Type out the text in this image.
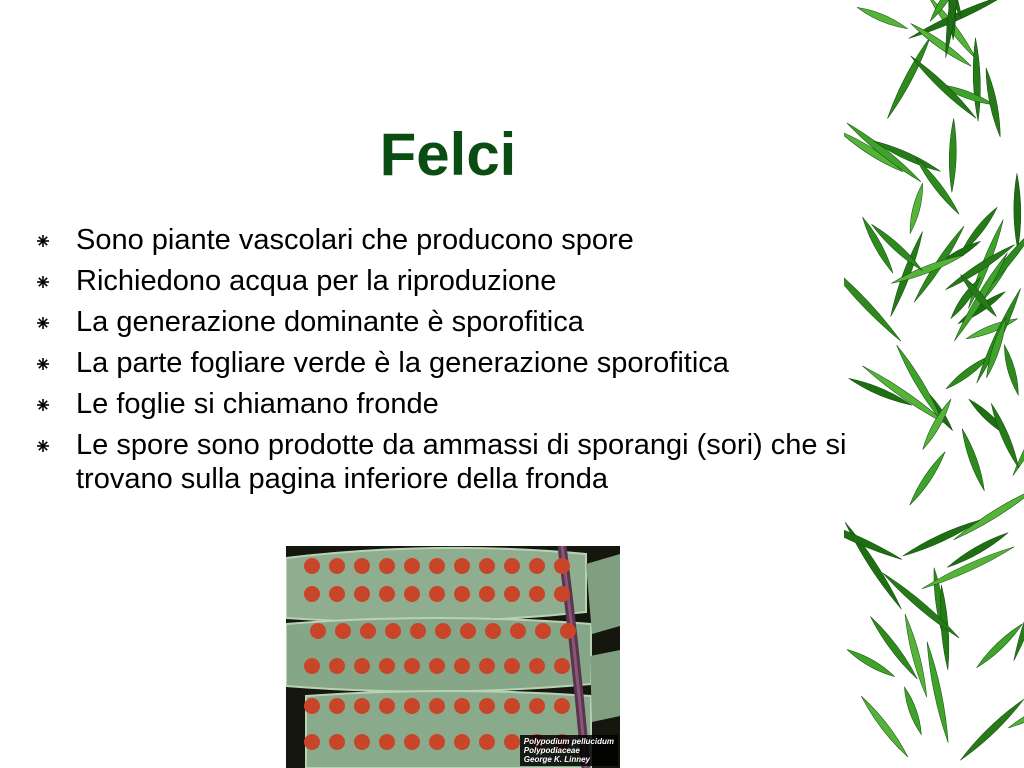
Felci
Sono piante vascolari che producono spore
Richiedono acqua per la riproduzione
La generazione dominante è sporofitica
La parte fogliare verde è la generazione sporofitica
Le foglie si chiamano fronde
Le spore sono prodotte da ammassi di sporangi (sori) che si trovano sulla pagina inferiore della fronda
Polypodium pellucidum
Polypodiaceae
George K. Linney
